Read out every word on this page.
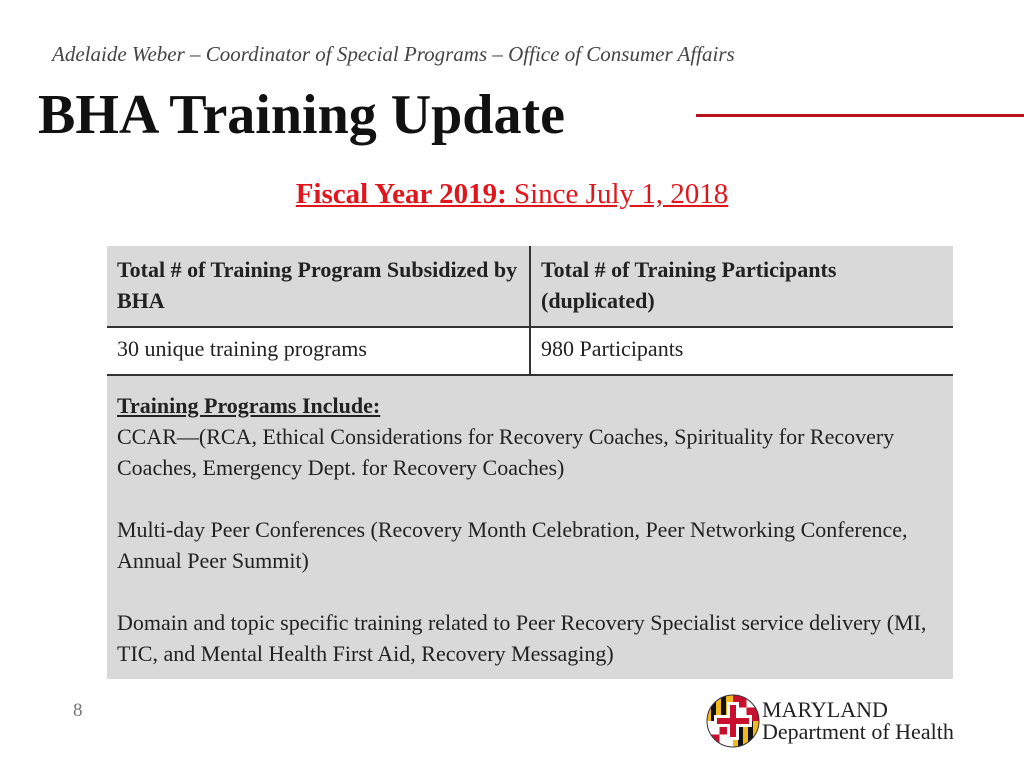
Adelaide Weber – Coordinator of Special Programs – Office of Consumer Affairs
BHA Training Update
Fiscal Year 2019: Since July 1, 2018
Total # of Training Program Subsidized by BHA	Total # of Training Participants (duplicated)
30 unique training programs	980 Participants

Training Programs Include:
CCAR—(RCA, Ethical Considerations for Recovery Coaches, Spirituality for Recovery Coaches, Emergency Dept. for Recovery Coaches)
Multi-day Peer Conferences (Recovery Month Celebration, Peer Networking Conference, Annual Peer Summit)
Domain and topic specific training related to Peer Recovery Specialist service delivery (MI, TIC, and Mental Health First Aid, Recovery Messaging)	
8	MARYLAND
Department of Health
